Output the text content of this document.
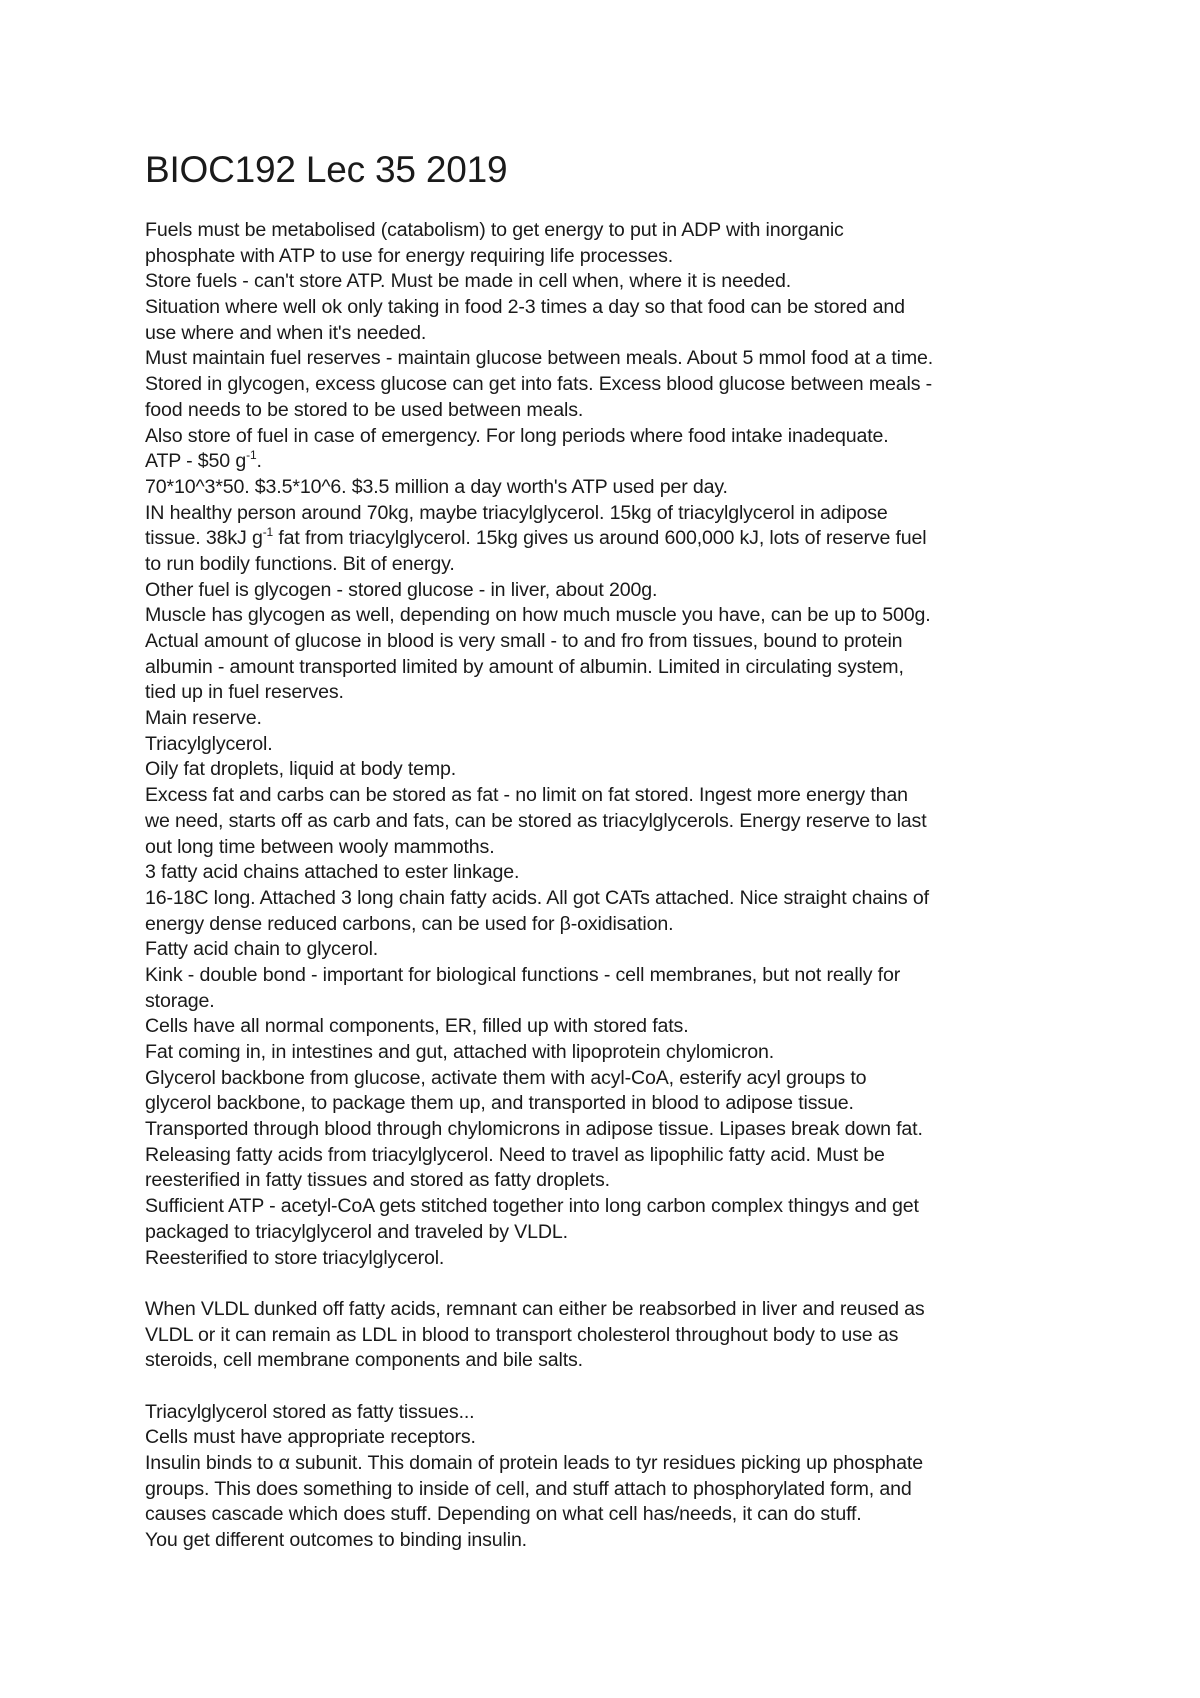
BIOC192 Lec 35 2019
Fuels must be metabolised (catabolism) to get energy to put in ADP with inorganic
phosphate with ATP to use for energy requiring life processes.
Store fuels - can't store ATP. Must be made in cell when, where it is needed.
Situation where well ok only taking in food 2-3 times a day so that food can be stored and
use where and when it's needed.
Must maintain fuel reserves - maintain glucose between meals. About 5 mmol food at a time.
Stored in glycogen, excess glucose can get into fats. Excess blood glucose between meals -
food needs to be stored to be used between meals.
Also store of fuel in case of emergency. For long periods where food intake inadequate.
ATP - $50 $g^{-1}$.
70*10^3*50. $3.5*10^6. $3.5 million a day worth's ATP used per day.
IN healthy person around 70kg, maybe triacylglycerol. 15kg of triacylglycerol in adipose
tissue. 38kJ $g^{-1}$ fat from triacylglycerol. 15kg gives us around 600,000 kJ, lots of reserve fuel
to run bodily functions. Bit of energy.
Other fuel is glycogen - stored glucose - in liver, about 200g.
Muscle has glycogen as well, depending on how much muscle you have, can be up to 500g.
Actual amount of glucose in blood is very small - to and fro from tissues, bound to protein
albumin - amount transported limited by amount of albumin. Limited in circulating system,
tied up in fuel reserves.
Main reserve.
Triacylglycerol.
Oily fat droplets, liquid at body temp.
Excess fat and carbs can be stored as fat - no limit on fat stored. Ingest more energy than
we need, starts off as carb and fats, can be stored as triacylglycerols. Energy reserve to last
out long time between wooly mammoths.
3 fatty acid chains attached to ester linkage.
16-18C long. Attached 3 long chain fatty acids. All got CATs attached. Nice straight chains of
energy dense reduced carbons, can be used for β-oxidisation.
Fatty acid chain to glycerol.
Kink - double bond - important for biological functions - cell membranes, but not really for
storage.
Cells have all normal components, ER, filled up with stored fats.
Fat coming in, in intestines and gut, attached with lipoprotein chylomicron.
Glycerol backbone from glucose, activate them with acyl-CoA, esterify acyl groups to
glycerol backbone, to package them up, and transported in blood to adipose tissue.
Transported through blood through chylomicrons in adipose tissue. Lipases break down fat.
Releasing fatty acids from triacylglycerol. Need to travel as lipophilic fatty acid. Must be
reesterified in fatty tissues and stored as fatty droplets.
Sufficient ATP - acetyl-CoA gets stitched together into long carbon complex thingys and get
packaged to triacylglycerol and traveled by VLDL.
Reesterified to store triacylglycerol.
When VLDL dunked off fatty acids, remnant can either be reabsorbed in liver and reused as
VLDL or it can remain as LDL in blood to transport cholesterol throughout body to use as
steroids, cell membrane components and bile salts.
Triacylglycerol stored as fatty tissues...
Cells must have appropriate receptors.
Insulin binds to α subunit. This domain of protein leads to tyr residues picking up phosphate
groups. This does something to inside of cell, and stuff attach to phosphorylated form, and
causes cascade which does stuff. Depending on what cell has/needs, it can do stuff.
You get different outcomes to binding insulin.
